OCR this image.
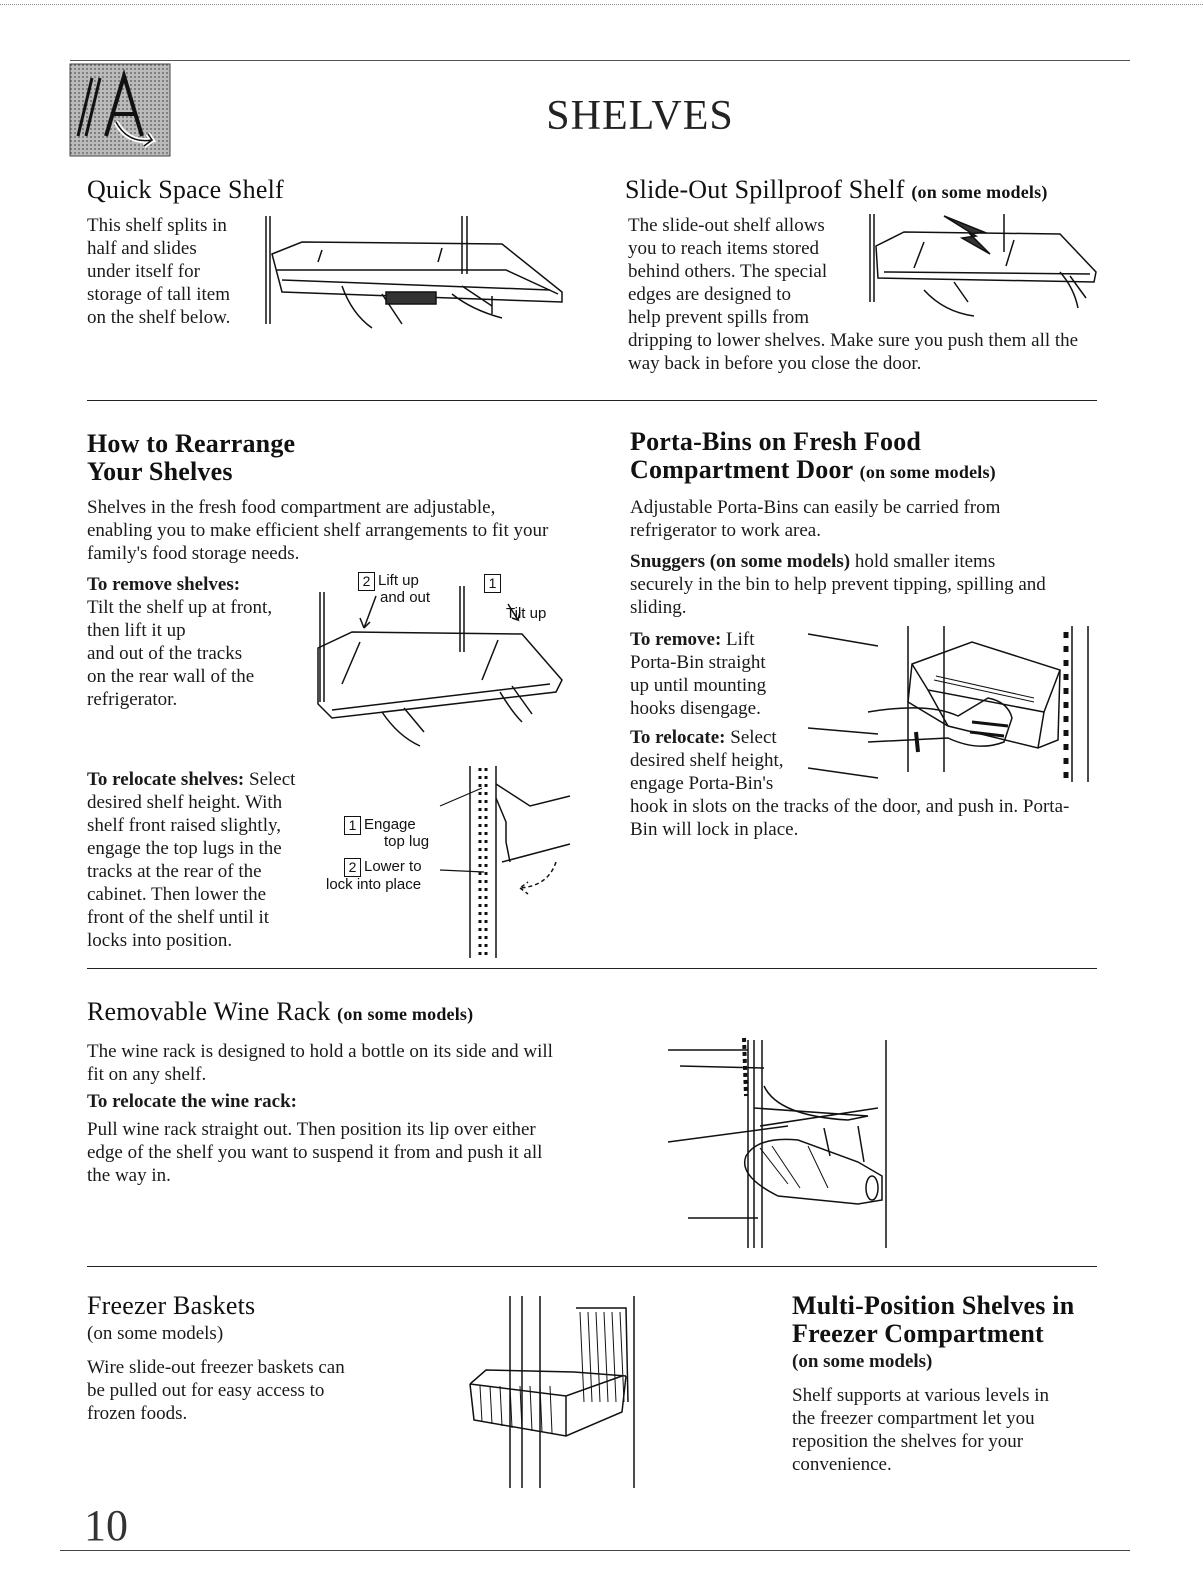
SHELVES
Quick Space Shelf

This shelf splits in

half and slides

under itself for

storage of tall item

on the shelf below.

Slide-Out Spillproof Shelf (on some models)

The slide-out shelf allows

you to reach items stored

behind others. The special

edges are designed to

help prevent spills from

dripping to lower shelves. Make sure you push them all the way back in before you close the door.
How to Rearrange
Your Shelves
Shelves in the fresh food compartment are adjustable, enabling you to make efficient shelf arrangements to fit your family's food storage needs.

To remove shelves:

Tilt the shelf up at front,

then lift it up

and out of the tracks

on the rear wall of the

refrigerator.

2 Lift up
and out
1
Tilt up

To relocate shelves: Select

desired shelf height. With

shelf front raised slightly,

engage the top lugs in the

tracks at the rear of the

cabinet. Then lower the

front of the shelf until it

locks into position.

1 Engage
top lug
2 Lower to
lock into place
Porta-Bins on Fresh Food
Compartment Door (on some models)
Adjustable Porta-Bins can easily be carried from refrigerator to work area.
Snuggers (on some models) hold smaller items securely in the bin to help prevent tipping, spilling and sliding.

To remove: Lift

Porta-Bin straight

up until mounting

hooks disengage.

To relocate: Select

desired shelf height,

engage Porta-Bin's

hook in slots on the tracks of the door, and push in. Porta-Bin will lock in place.
Removable Wine Rack (on some models)
The wine rack is designed to hold a bottle on its side and will fit on any shelf.
To relocate the wine rack:
Pull wine rack straight out. Then position its lip over either edge of the shelf you want to suspend it from and push it all the way in.
Freezer Baskets
(on some models)

Wire slide-out freezer baskets can

be pulled out for easy access to

frozen foods.

Multi-Position Shelves in
Freezer Compartment
(on some models)

Shelf supports at various levels in

the freezer compartment let you

reposition the shelves for your

convenience.

10
